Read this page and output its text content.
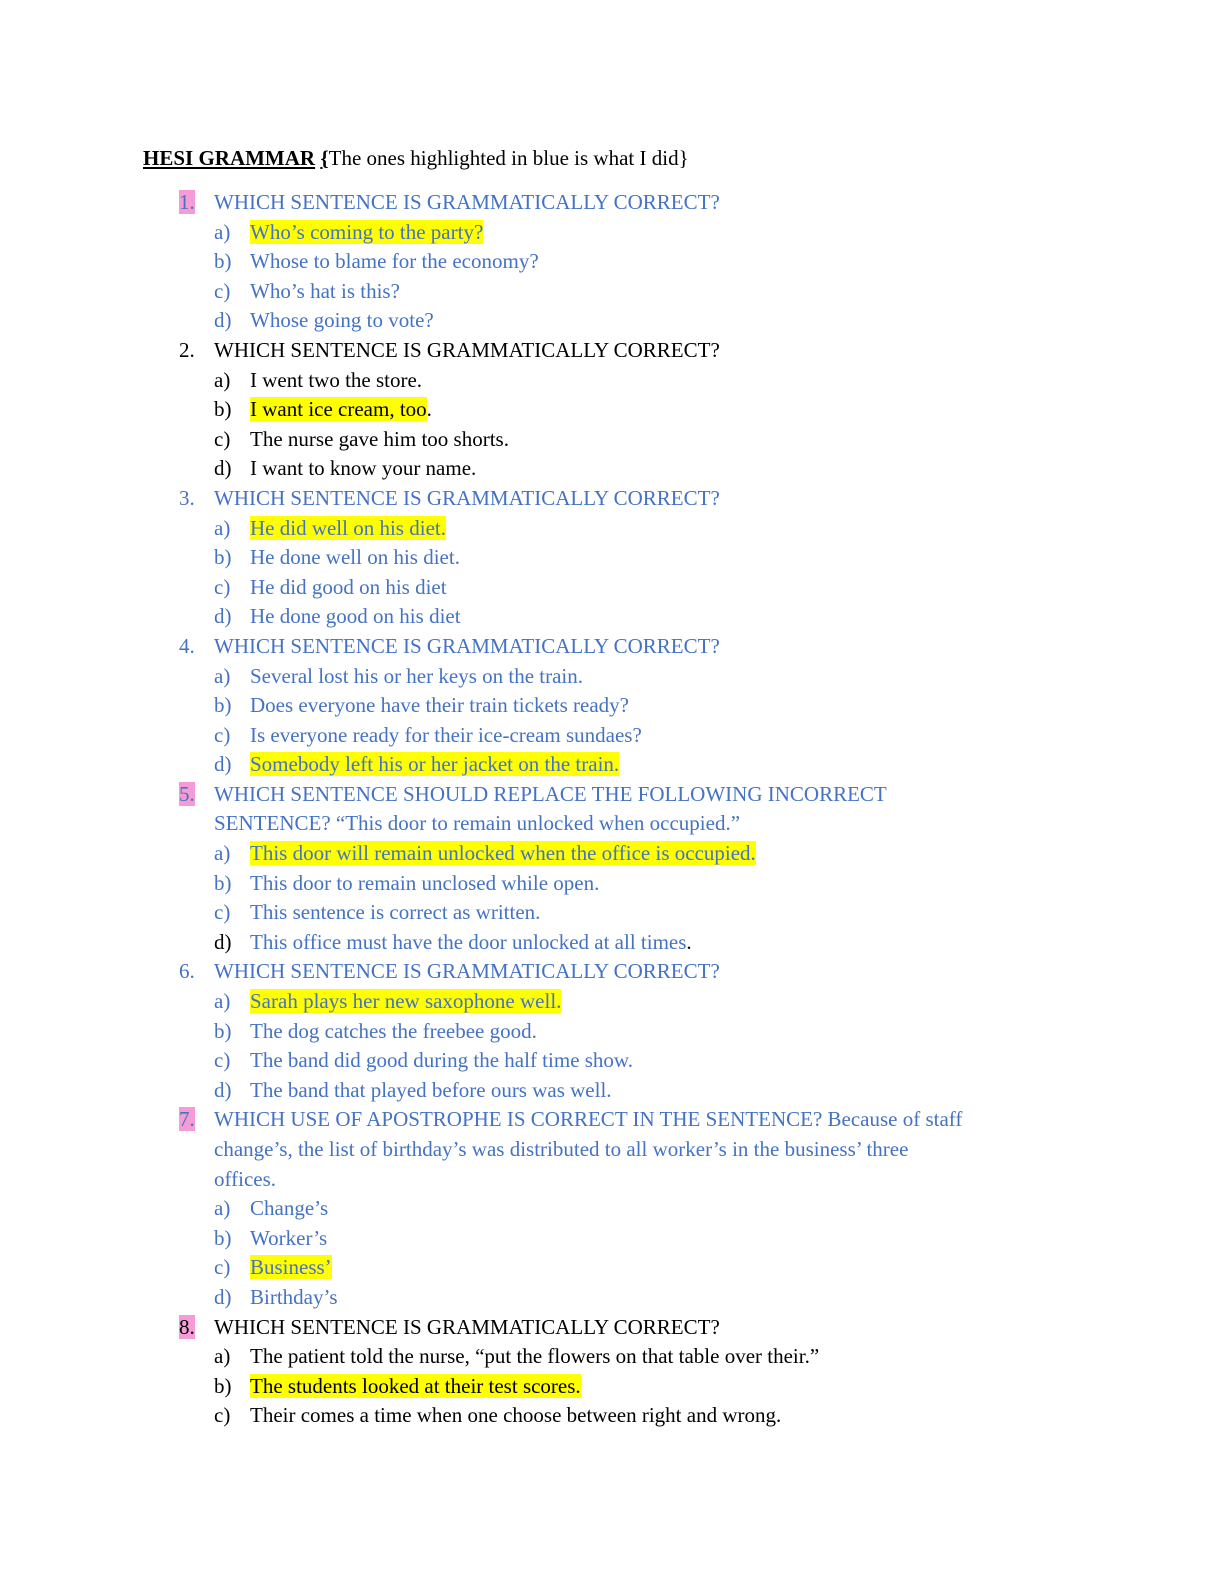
HESI GRAMMAR {The ones highlighted in blue is what I did}
1. WHICH SENTENCE IS GRAMMATICALLY CORRECT?
a) Who’s coming to the party?
b) Whose to blame for the economy?
c) Who’s hat is this?
d) Whose going to vote?
2. WHICH SENTENCE IS GRAMMATICALLY CORRECT?
a) I went two the store.
b) I want ice cream, too.
c) The nurse gave him too shorts.
d) I want to know your name.
3. WHICH SENTENCE IS GRAMMATICALLY CORRECT?
a) He did well on his diet.
b) He done well on his diet.
c) He did good on his diet
d) He done good on his diet
4. WHICH SENTENCE IS GRAMMATICALLY CORRECT?
a) Several lost his or her keys on the train.
b) Does everyone have their train tickets ready?
c) Is everyone ready for their ice-cream sundaes?
d) Somebody left his or her jacket on the train.
5. WHICH SENTENCE SHOULD REPLACE THE FOLLOWING INCORRECT
SENTENCE? “This door to remain unlocked when occupied.”
a) This door will remain unlocked when the office is occupied.
b) This door to remain unclosed while open.
c) This sentence is correct as written.
d) This office must have the door unlocked at all times.
6. WHICH SENTENCE IS GRAMMATICALLY CORRECT?
a) Sarah plays her new saxophone well.
b) The dog catches the freebee good.
c) The band did good during the half time show.
d) The band that played before ours was well.
7. WHICH USE OF APOSTROPHE IS CORRECT IN THE SENTENCE? Because of staff
change’s, the list of birthday’s was distributed to all worker’s in the business’ three
offices.
a) Change’s
b) Worker’s
c) Business’
d) Birthday’s
8. WHICH SENTENCE IS GRAMMATICALLY CORRECT?
a) The patient told the nurse, “put the flowers on that table over their.”
b) The students looked at their test scores.
c) Their comes a time when one choose between right and wrong.
